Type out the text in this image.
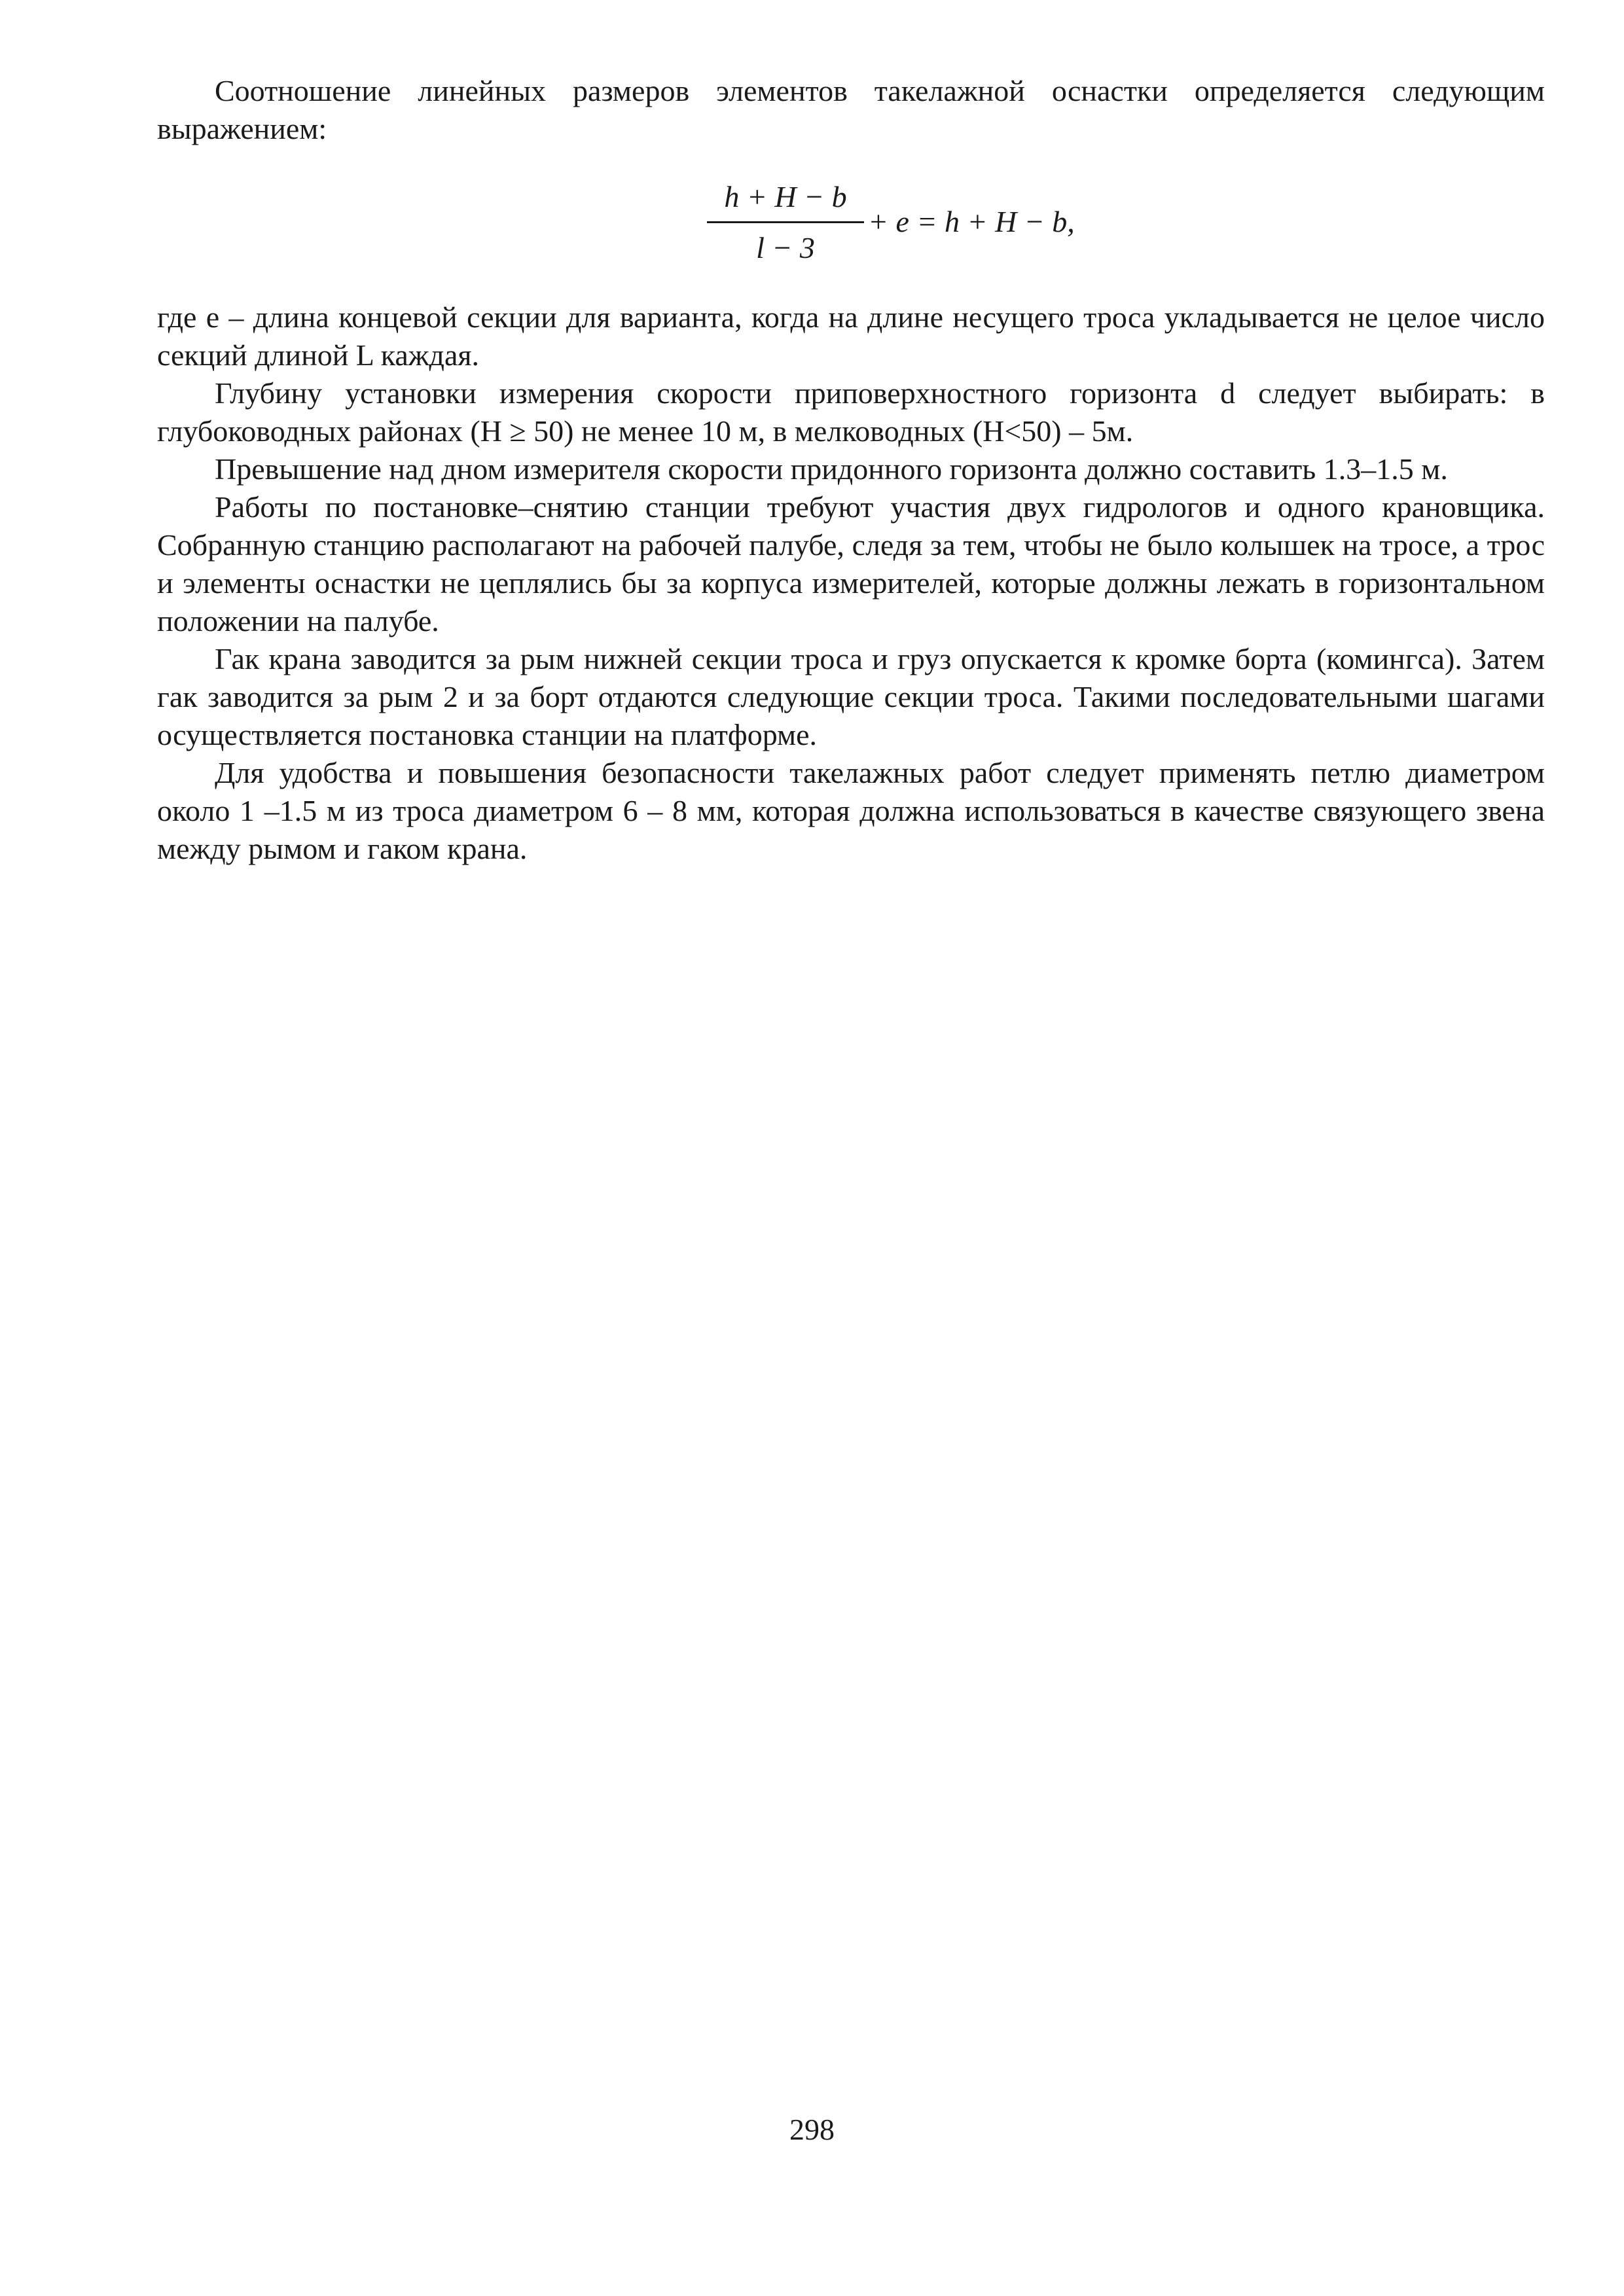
Соотношение линейных размеров элементов такелажной оснастки определяется следующим выражением:

h + H − b
l − 3
+ e = h + H − b,

где e – длина концевой секции для варианта, когда на длине несущего троса укладывается не целое число секций длиной L каждая.

Глубину установки измерения скорости приповерхностного горизонта d следует выбирать: в глубоководных районах (H ≥ 50) не менее 10 м, в мелководных (H<50) – 5м.

Превышение над дном измерителя скорости придонного горизонта должно составить 1.3–1.5 м.

Работы по постановке–снятию станции требуют участия двух гидрологов и одного крановщика. Собранную станцию располагают на рабочей палубе, следя за тем, чтобы не было колышек на тросе, а трос и элементы оснастки не цеплялись бы за корпуса измерителей, которые должны лежать в горизонтальном положении на палубе.

Гак крана заводится за рым нижней секции троса и груз опускается к кромке борта (комингса). Затем гак заводится за рым 2 и за борт отдаются следующие секции троса. Такими последовательными шагами осуществляется постановка станции на платформе.

Для удобства и повышения безопасности такелажных работ следует применять петлю диаметром около 1 –1.5 м из троса диаметром 6 – 8 мм, которая должна использоваться в качестве связующего звена между рымом и гаком крана.

298
